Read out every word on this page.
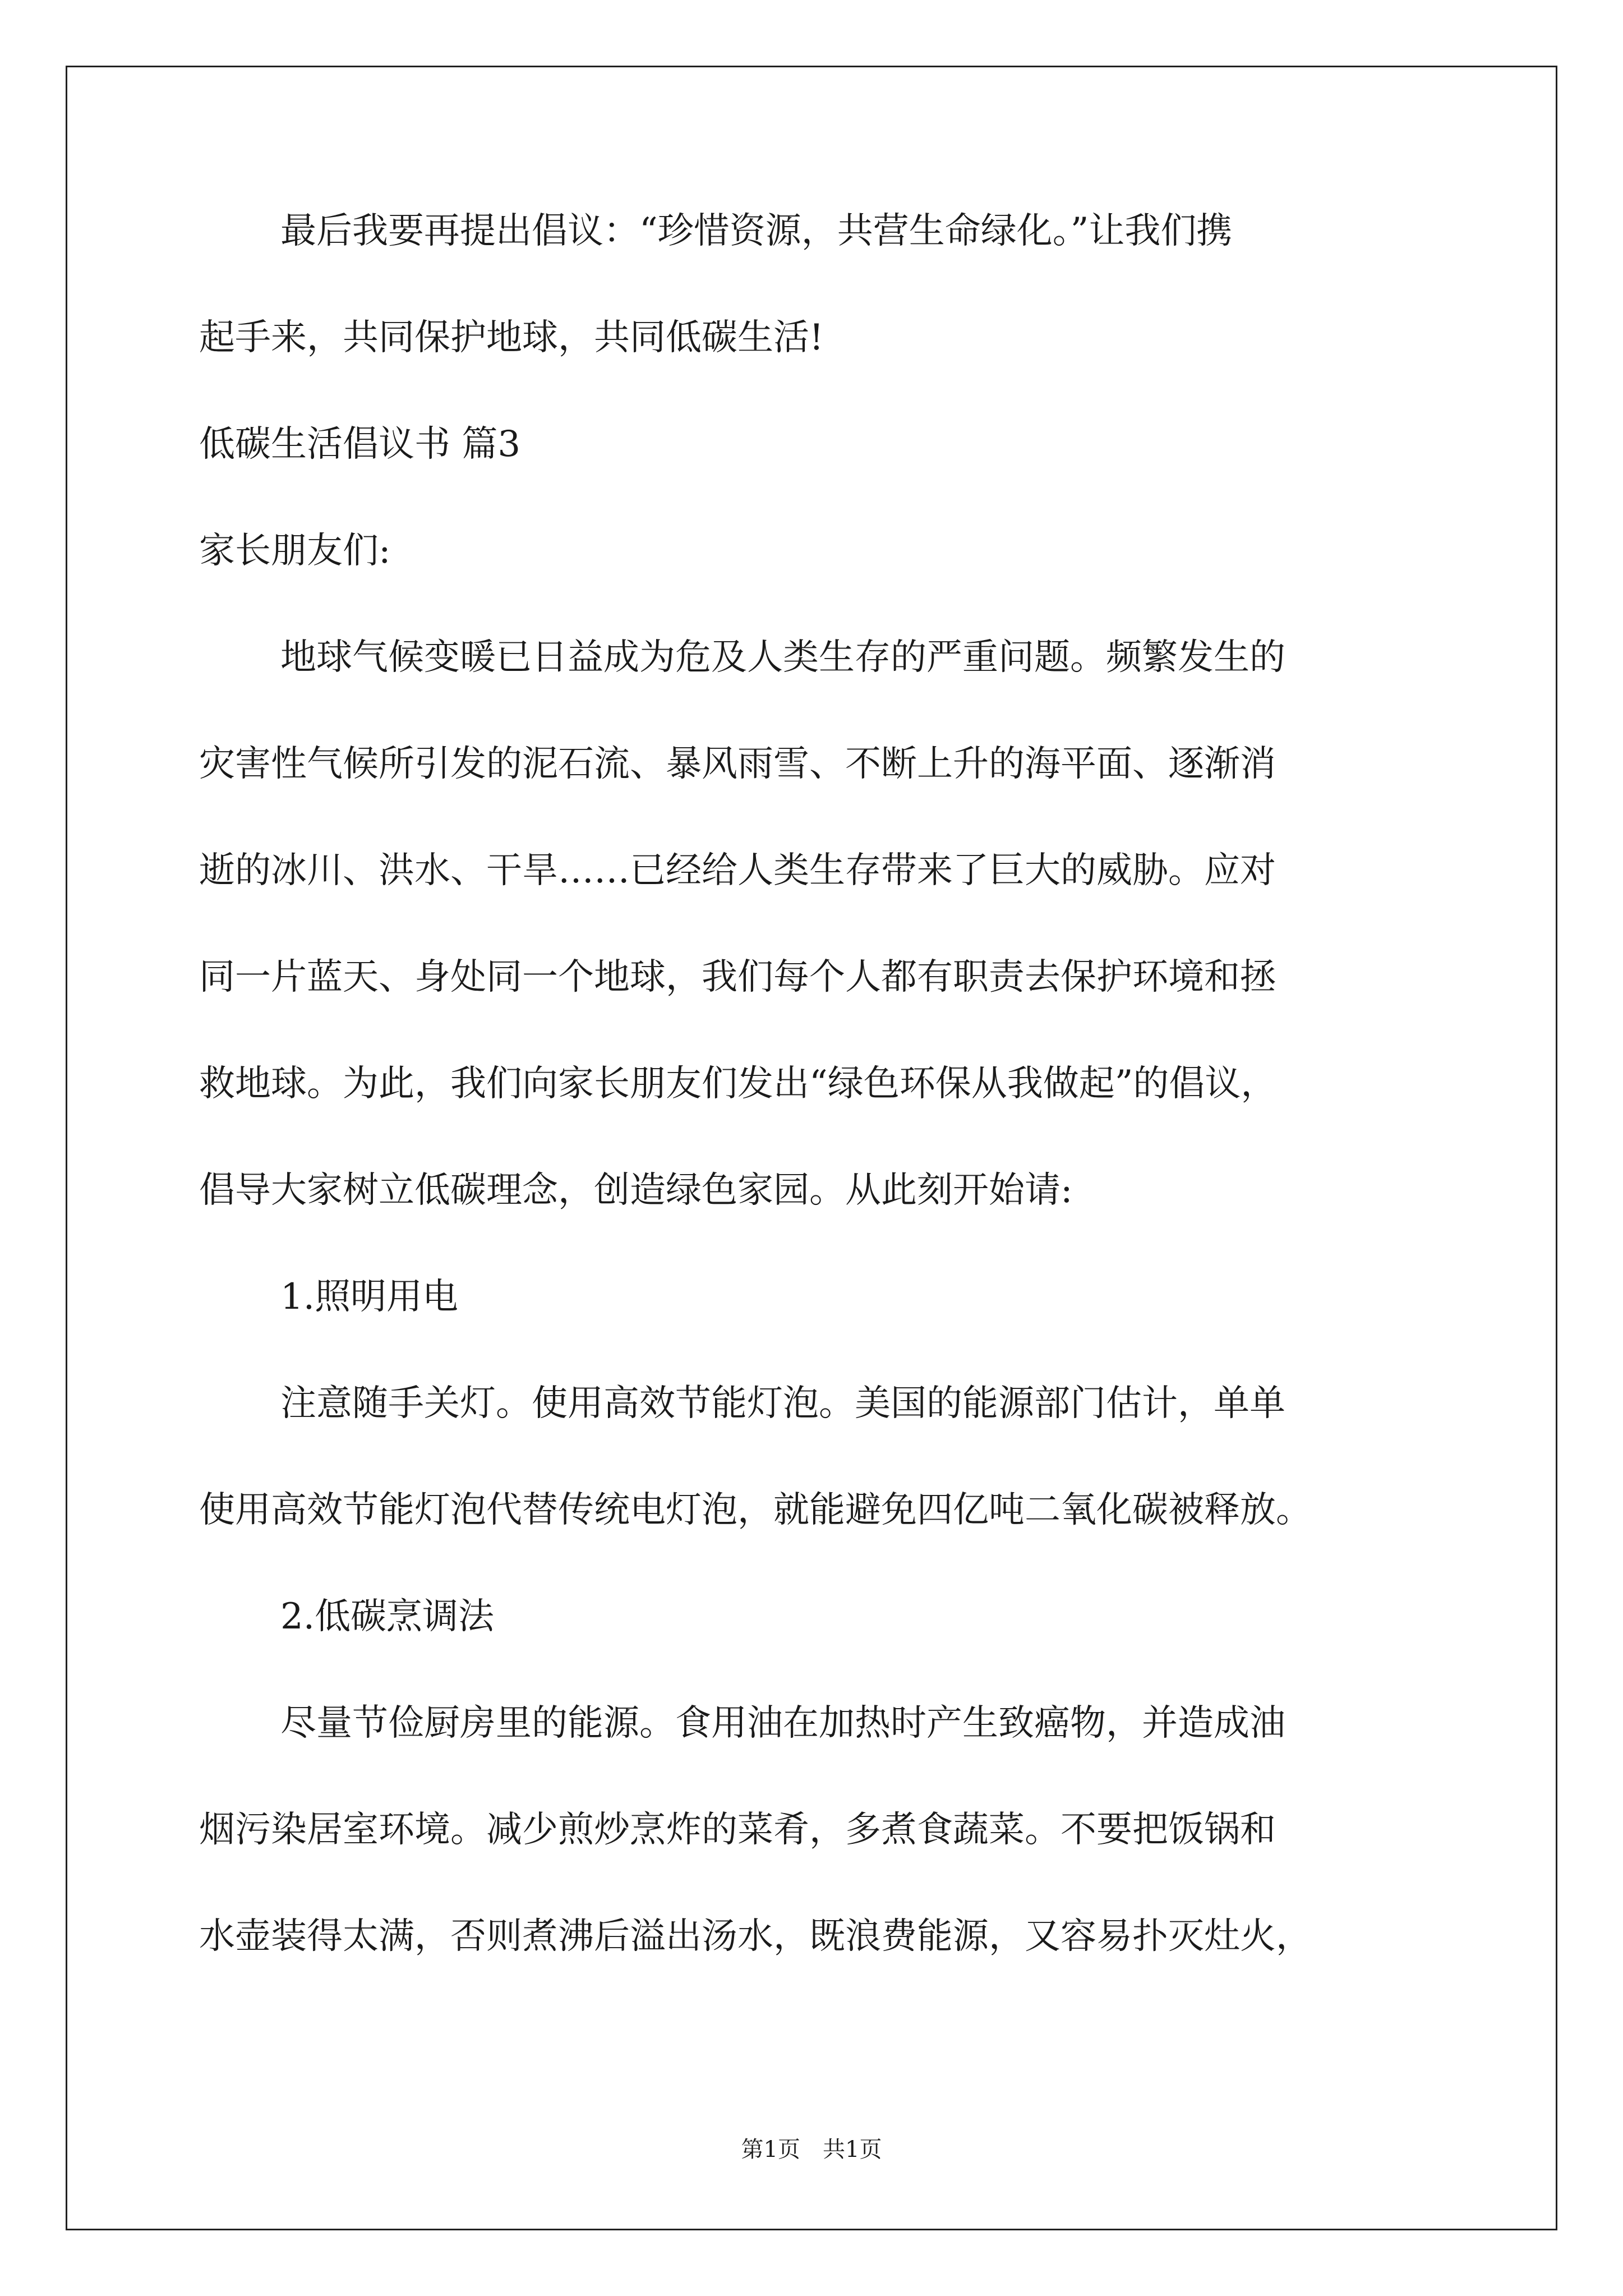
最后我要再提出倡议：“珍惜资源，共营生命绿化。”让我们携
起手来，共同保护地球，共同低碳生活!
低碳生活倡议书 篇3
家长朋友们:
地球气候变暖已日益成为危及人类生存的严重问题。频繁发生的
灾害性气候所引发的泥石流、暴风雨雪、不断上升的海平面、逐渐消
逝的冰川、洪水、干旱……已经给人类生存带来了巨大的威胁。应对
同一片蓝天、身处同一个地球，我们每个人都有职责去保护环境和拯
救地球。为此，我们向家长朋友们发出“绿色环保从我做起”的倡议，
倡导大家树立低碳理念，创造绿色家园。从此刻开始请:
1.照明用电
注意随手关灯。使用高效节能灯泡。美国的能源部门估计，单单
使用高效节能灯泡代替传统电灯泡，就能避免四亿吨二氧化碳被释放。
2.低碳烹调法
尽量节俭厨房里的能源。食用油在加热时产生致癌物，并造成油
烟污染居室环境。减少煎炒烹炸的菜肴，多煮食蔬菜。不要把饭锅和
水壶装得太满，否则煮沸后溢出汤水，既浪费能源，又容易扑灭灶火，
第1页　共1页
